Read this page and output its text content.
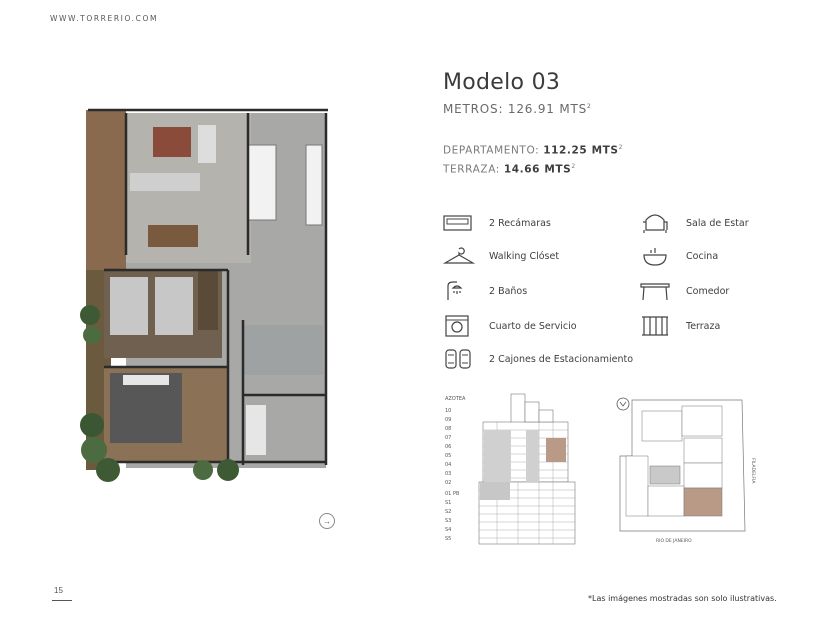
WWW.TORRERIO.COM
→
Modelo 03
METROS: 126.91 MTS$^2$
DEPARTAMENTO: 112.25 MTS$^2$
TERRAZA: 14.66 MTS$^2$
2 Recámaras	Sala de Estar
Walking Clóset	Cocina
2 Baños	Comedor
Cuarto de Servicio	Terraza
2 Cajones de Estacionamiento
AZOTEA
10
09
08
07
06
05
04
03
02
01 PB
S1
S2
S3
S4
S5	RIO DE JANEIRO
FILADELFIA
15
*Las imágenes mostradas son solo ilustrativas.
